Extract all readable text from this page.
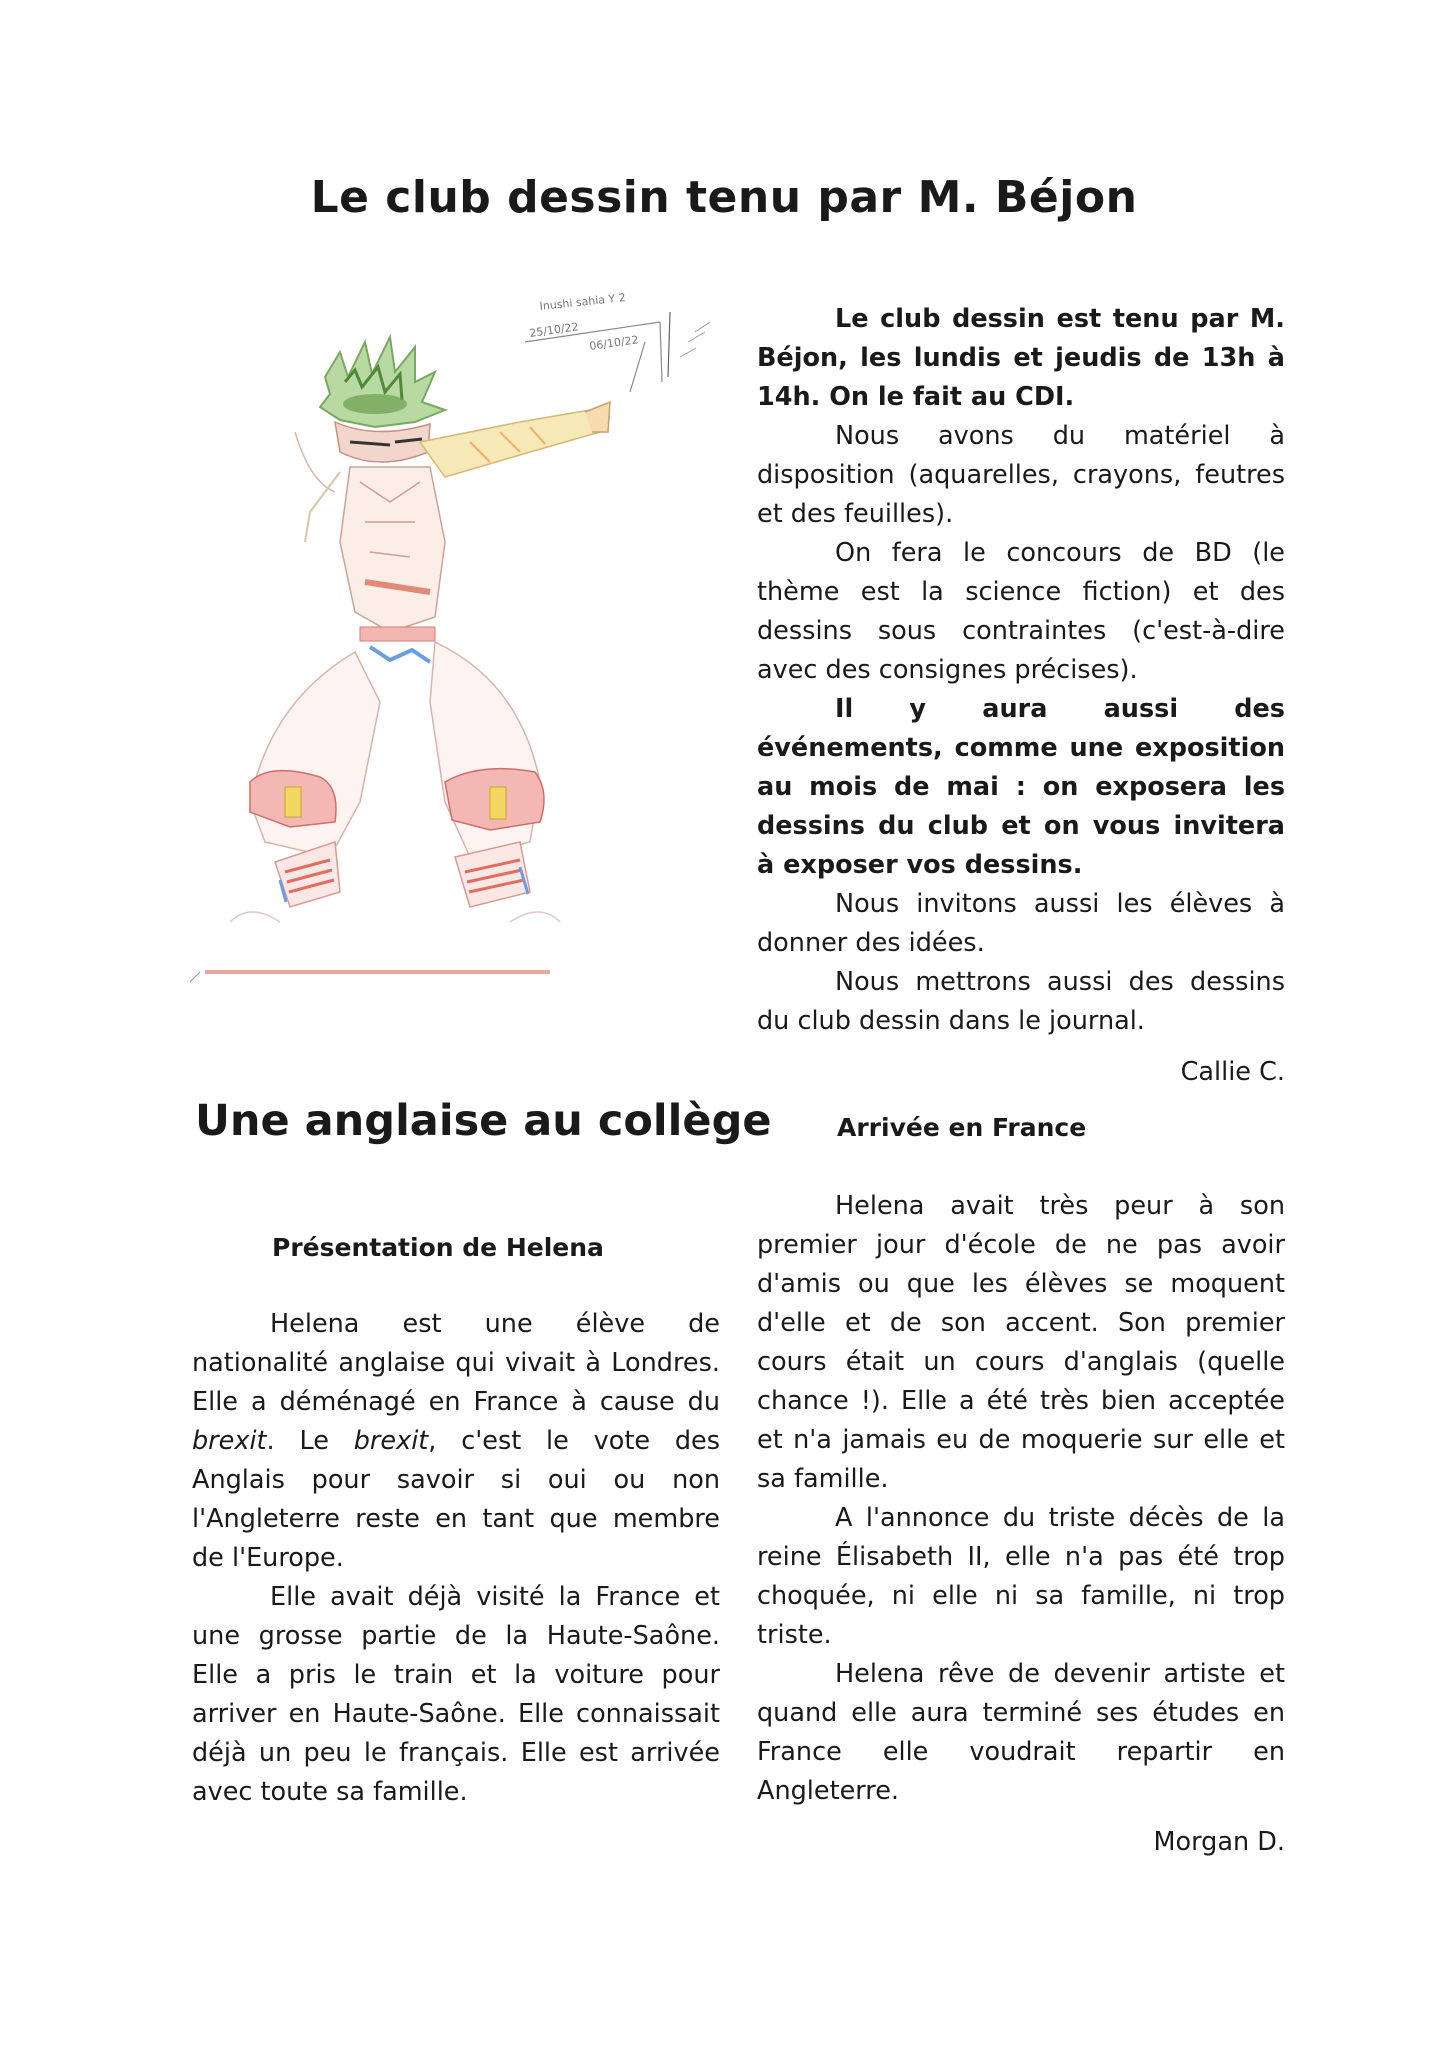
Le club dessin tenu par M. Béjon
Inushi sahia Y 2
25/10/22
06/10/22

Le club dessin est tenu par M. Béjon, les lundis et jeudis de 13h à 14h. On le fait au CDI.

Nous avons du matériel à disposition (aquarelles, crayons, feutres et des feuilles).

On fera le concours de BD (le thème est la science fiction) et des dessins sous contraintes (c'est-à-dire avec des consignes précises).

Il y aura aussi des événements, comme une exposition au mois de mai : on exposera les dessins du club et on vous invitera à exposer vos dessins.

Nous invitons aussi les élèves à donner des idées.

Nous mettrons aussi des dessins du club dessin dans le journal.

Callie C.
Une anglaise au collège
Présentation de Helena

Helena est une élève de nationalité anglaise qui vivait à Londres. Elle a déménagé en France à cause du brexit. Le brexit, c'est le vote des Anglais pour savoir si oui ou non l'Angleterre reste en tant que membre de l'Europe.

Elle avait déjà visité la France et une grosse partie de la Haute-Saône. Elle a pris le train et la voiture pour arriver en Haute-Saône. Elle connaissait déjà un peu le français. Elle est arrivée avec toute sa famille.

Arrivée en France

Helena avait très peur à son premier jour d'école de ne pas avoir d'amis ou que les élèves se moquent d'elle et de son accent. Son premier cours était un cours d'anglais (quelle chance !). Elle a été très bien acceptée et n'a jamais eu de moquerie sur elle et sa famille.

A l'annonce du triste décès de la reine Élisabeth II, elle n'a pas été trop choquée, ni elle ni sa famille, ni trop triste.

Helena rêve de devenir artiste et quand elle aura terminé ses études en France elle voudrait repartir en Angleterre.

Morgan D.
